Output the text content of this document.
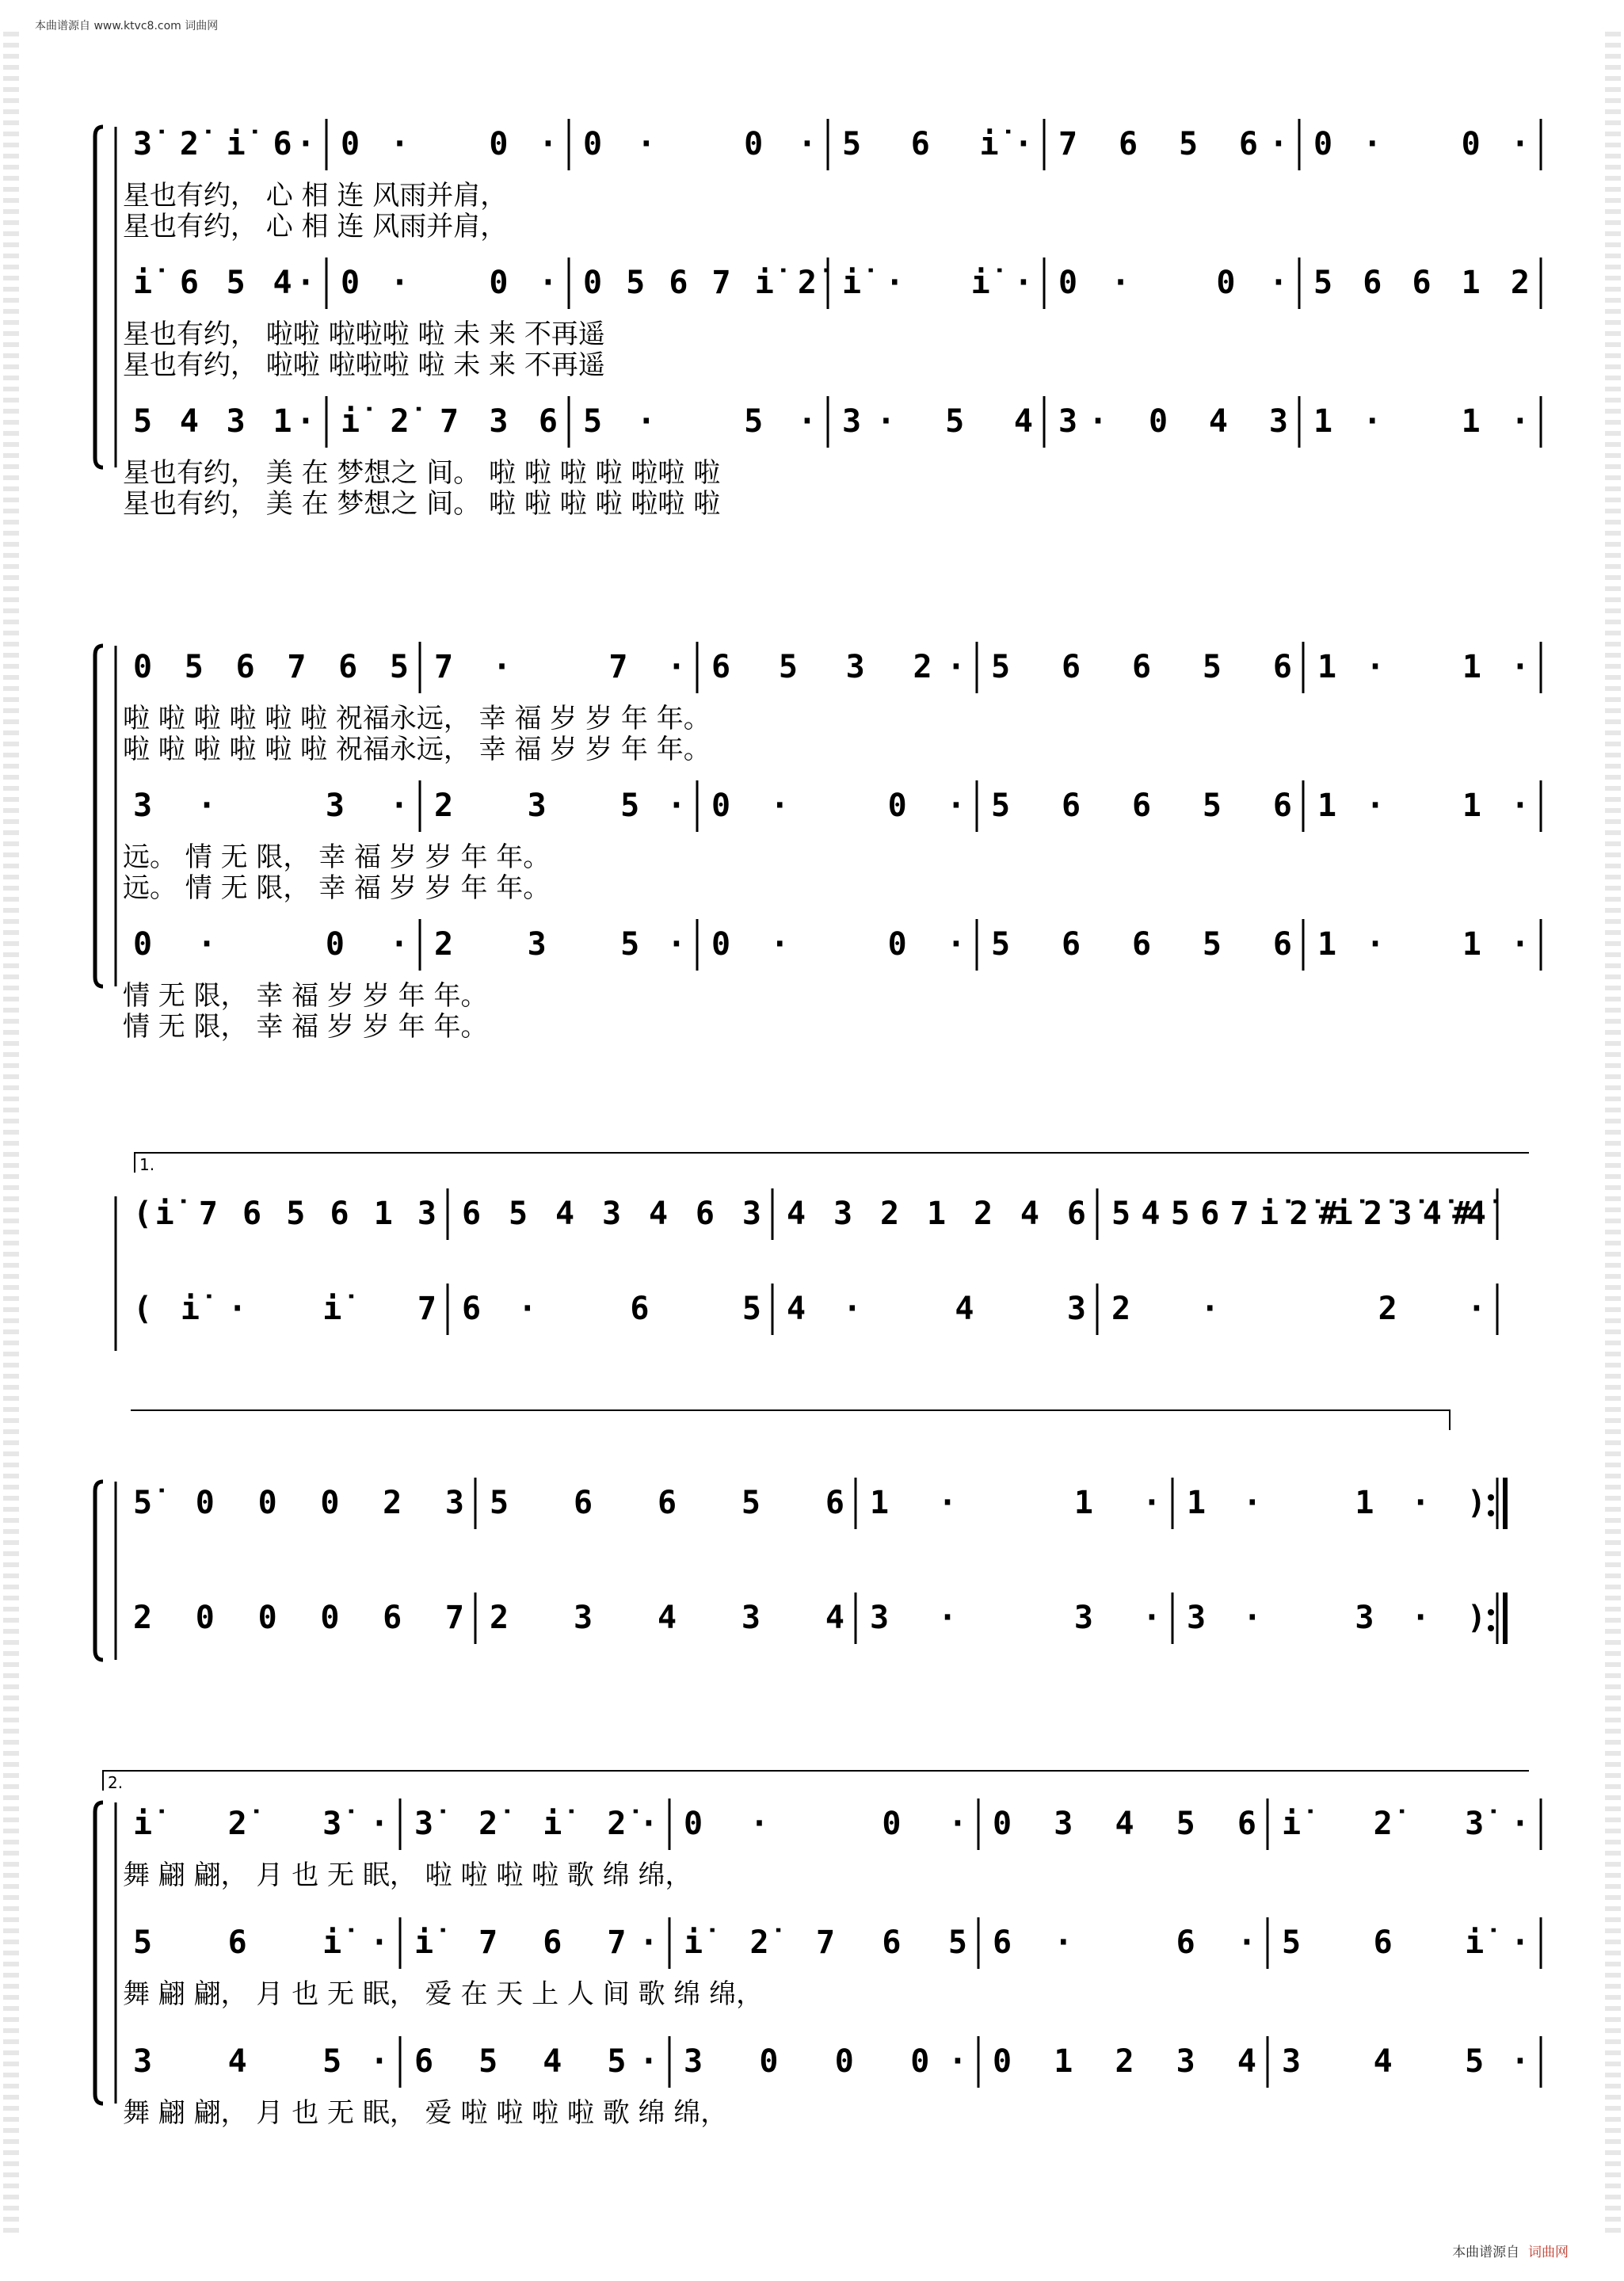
本曲谱源自 www.ktvc8.com 词曲网
3̇ 2̇ i̇ 6· 0· 0· 0· 0· 5 6 i̇· 7 6 5 6· 0· 0·
星也有约， 心 相 连 风雨并肩，
星也有约， 心 相 连 风雨并肩，
i̇ 6 5 4· 0· 0· 0 5 6 7 i̇ 2̇ i̇· i̇· 0· 0· 5 6 6 1 2
星也有约， 啦啦 啦啦啦 啦 未 来 不再遥
星也有约， 啦啦 啦啦啦 啦 未 来 不再遥
5 4 3 1· i̇ 2̇ 7 3 6 5· 5· 3· 5 4 3· 0 4 3 1· 1·
星也有约， 美 在 梦想之 间。 啦 啦 啦 啦 啦啦 啦
星也有约， 美 在 梦想之 间。 啦 啦 啦 啦 啦啦 啦
0 5 6 7 6 5 7· 7· 6 5 3 2· 5 6 6 5 6 1· 1·
啦 啦 啦 啦 啦 啦 祝福永远， 幸 福 岁 岁 年 年。
啦 啦 啦 啦 啦 啦 祝福永远， 幸 福 岁 岁 年 年。
3· 3· 2 3 5· 0· 0· 5 6 6 5 6 1· 1·
远。 情 无 限， 幸 福 岁 岁 年 年。
远。 情 无 限， 幸 福 岁 岁 年 年。
0· 0· 2 3 5· 0· 0· 5 6 6 5 6 1· 1·
情 无 限， 幸 福 岁 岁 年 年。
情 无 限， 幸 福 岁 岁 年 年。
1.
(i̇ 7 6 5 6 1 3 6 5 4 3 4 6 3 4 3 2 1 2 4 6 5 4 5 6 7 i̇ 2̇ #i̇ 2̇ 3̇ 4̇ #4̇
(i̇· i̇ 7 6· 6 5 4· 4 3 2· 2·
5̇ 0 0 0 2 3 5 6 6 5 6 1· 1· 1· 1·)
2 0 0 0 6 7 2 3 4 3 4 3· 3· 3· 3·)
2.
i̇ 2̇ 3̇· 3̇ 2̇ i̇ 2̇· 0· 0· 0 3 4 5 6 i̇ 2̇ 3̇·
舞 翩 翩， 月 也 无 眠， 啦 啦 啦 啦 歌 绵 绵，
5 6 i̇· i̇ 7 6 7· i̇ 2̇ 7 6 5 6· 6· 5 6 i̇·
舞 翩 翩， 月 也 无 眠， 爱 在 天 上 人 间 歌 绵 绵，
3 4 5· 6 5 4 5· 3 0 0 0· 0 1 2 3 4 3 4 5·
舞 翩 翩， 月 也 无 眠， 爱 啦 啦 啦 啦 歌 绵 绵，
本曲谱源自 词曲网
